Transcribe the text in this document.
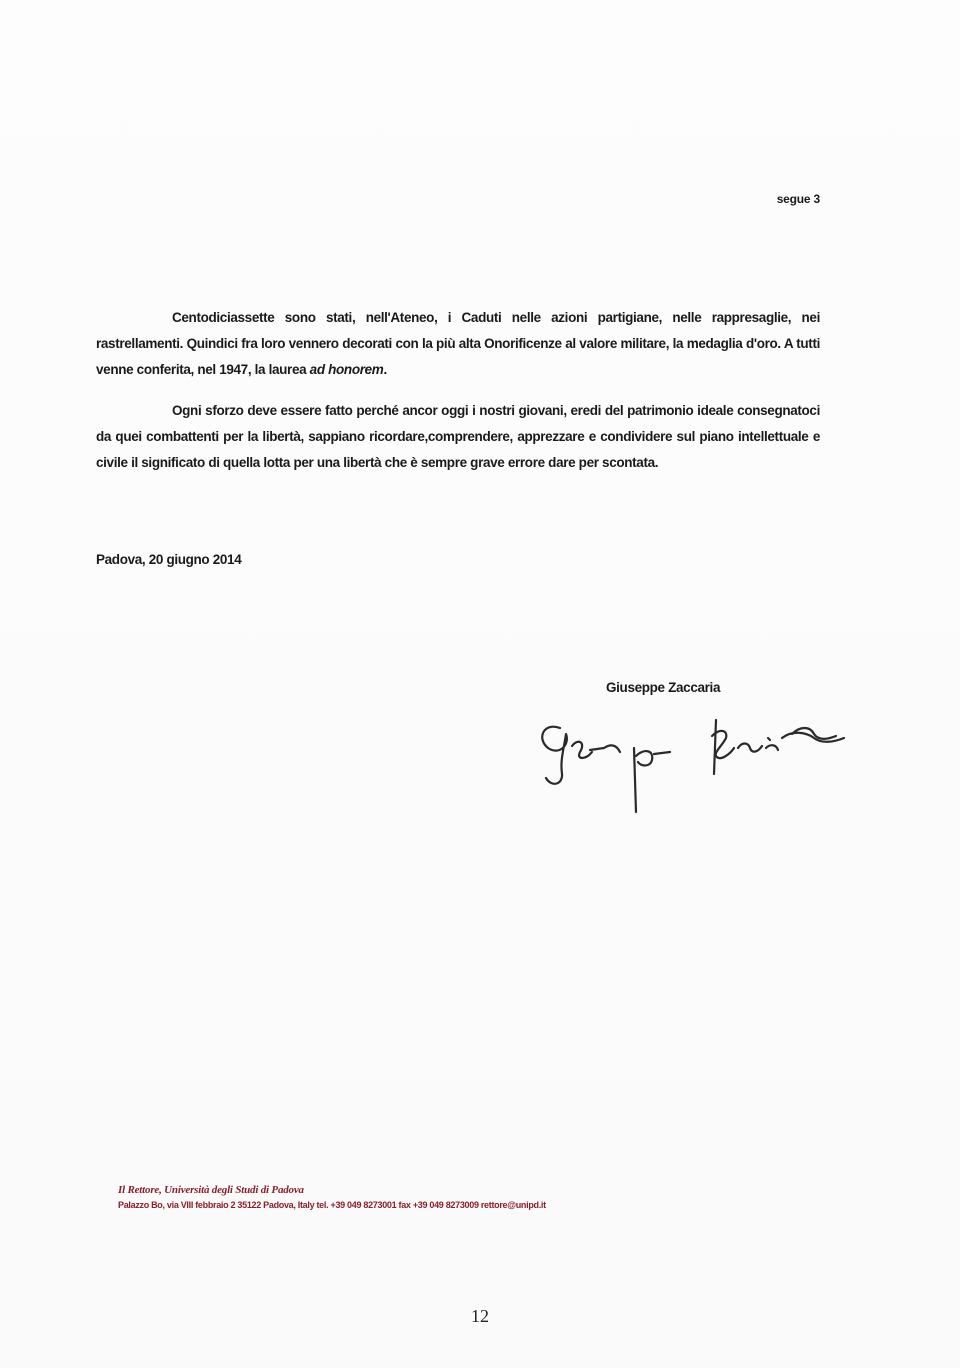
segue 3

Centodiciassette sono stati, nell'Ateneo, i Caduti nelle azioni partigiane, nelle rappresaglie, nei rastrellamenti. Quindici fra loro vennero decorati con la più alta Onorificenze al valore militare, la medaglia d'oro. A tutti venne conferita, nel 1947, la laurea ad honorem.

Ogni sforzo deve essere fatto perché ancor oggi i nostri giovani, eredi del patrimonio ideale consegnatoci da quei combattenti per la libertà, sappiano ricordare,comprendere, apprezzare e condividere sul piano intellettuale e civile il significato di quella lotta per una libertà che è sempre grave errore dare per scontata.

Padova, 20 giugno 2014
Giuseppe Zaccaria
Il Rettore, Università degli Studi di Padova
Palazzo Bo, via VIII febbraio 2 35122 Padova, Italy tel. +39 049 8273001 fax +39 049 8273009 rettore@unipd.it
12
